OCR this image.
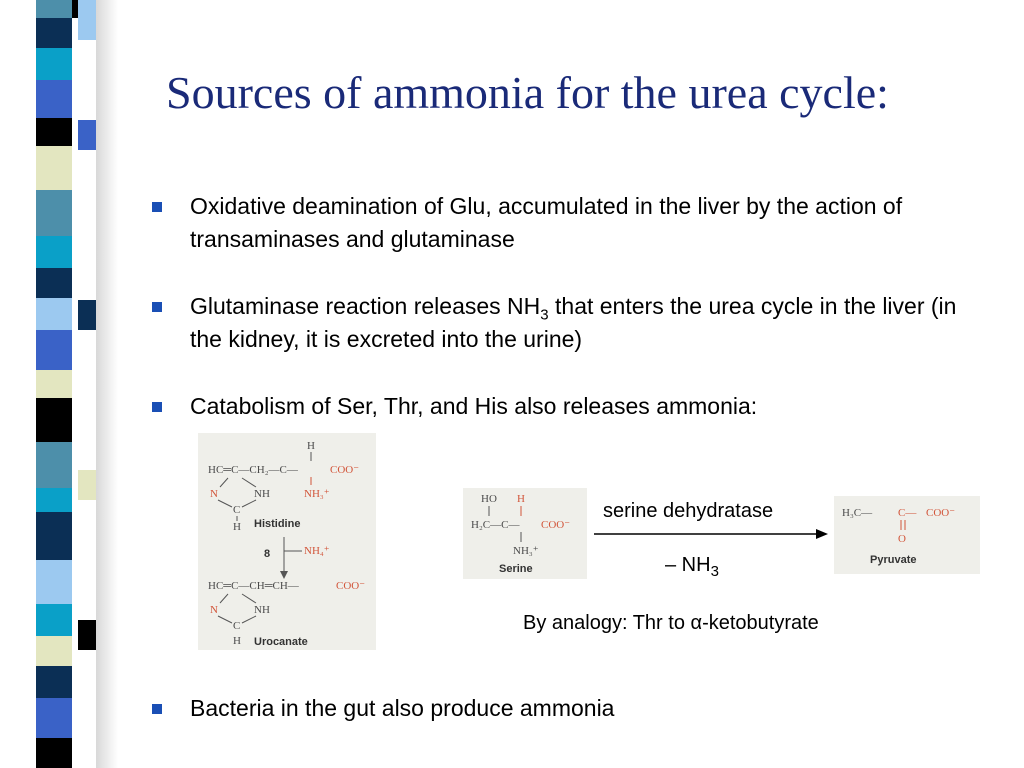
Sources of ammonia for the urea cycle:
Oxidative deamination of Glu, accumulated in the liver by the action of transaminases and glutaminase
Glutaminase reaction releases $NH_3$ that enters the urea cycle in the liver (in the kidney, it is excreted into the urine)
Catabolism of Ser, Thr, and His also releases ammonia:
Bacteria in the gut also produce ammonia
H
HC═C—CH₂—C—	COO⁻
N	NH	NH₃⁺
C
H Histidine
8	NH₄⁺
HC═C—CH═CH—	COO⁻
N	NH
C
H Urocanate
HO H
H₂C—C— COO⁻
NH₃⁺
Serine
serine dehydratase
– $NH_3$
H₃C— C— COO⁻
O
Pyruvate
By analogy: Thr to α-ketobutyrate
